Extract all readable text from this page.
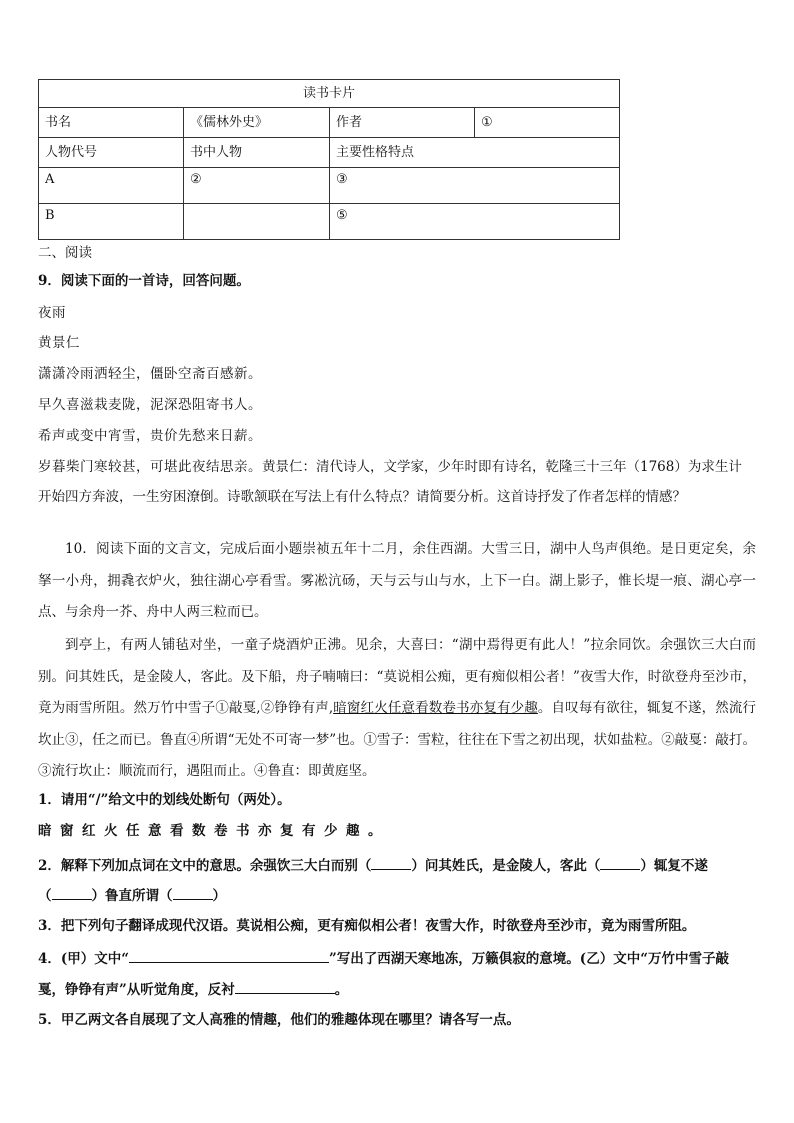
读书卡片			
书名	《儒林外史》	作者	①
人物代号	书中人物	主要性格特点	
A	②	③	
B		⑤	
二、阅读
9．阅读下面的一首诗，回答问题。
夜雨
黄景仁
潇潇冷雨洒轻尘，僵卧空斋百感新。
早久喜滋栽麦陇，泥深恐阻寄书人。
希声或变中宵雪，贵价先愁来日薪。
岁暮柴门寒较甚，可堪此夜结思亲。黄景仁：清代诗人，文学家，少年时即有诗名，乾隆三十三年（1768）为求生计
开始四方奔波，一生穷困潦倒。诗歌颔联在写法上有什么特点？请简要分析。这首诗抒发了作者怎样的情感？
10．阅读下面的文言文，完成后面小题崇祯五年十二月，余住西湖。大雪三日，湖中人鸟声俱绝。是日更定矣，余拏一小舟，拥毳衣炉火，独往湖心亭看雪。雾凇沆砀，天与云与山与水，上下一白。湖上影子，惟长堤一痕、湖心亭一点、与余舟一芥、舟中人两三粒而已。
到亭上，有两人铺毡对坐，一童子烧酒炉正沸。见余，大喜曰：“湖中焉得更有此人！”拉余同饮。余强饮三大白而别。问其姓氏，是金陵人，客此。及下船，舟子喃喃曰：“莫说相公痴，更有痴似相公者！”夜雪大作，时欲登舟至沙市，竟为雨雪所阻。然万竹中雪子①敲戛,②铮铮有声,暗窗红火任意看数卷书亦复有少趣。自叹每有欲往，辄复不遂，然流行坎止③，任之而已。鲁直④所谓“无处不可寄一梦”也。①雪子：雪粒，往往在下雪之初出现，状如盐粒。②敲戛：敲打。③流行坎止：顺流而行，遇阻而止。④鲁直：即黄庭坚。
1．请用“/”给文中的划线处断句（两处）。
暗窗红火任意看数卷书亦复有少趣。
2．解释下列加点词在文中的意思。余强饮三大白而别（	）问其姓氏，是金陵人，客此（	）辄复不遂
（	）鲁直所谓（	）
3．把下列句子翻译成现代汉语。莫说相公痴，更有痴似相公者！夜雪大作，时欲登舟至沙市，竟为雨雪所阻。
4．(甲）文中“	”写出了西湖天寒地冻，万籁俱寂的意境。(乙）文中“万竹中雪子敲
戛，铮铮有声”从听觉角度，反衬	。
5．甲乙两文各自展现了文人高雅的情趣，他们的雅趣体现在哪里？请各写一点。
